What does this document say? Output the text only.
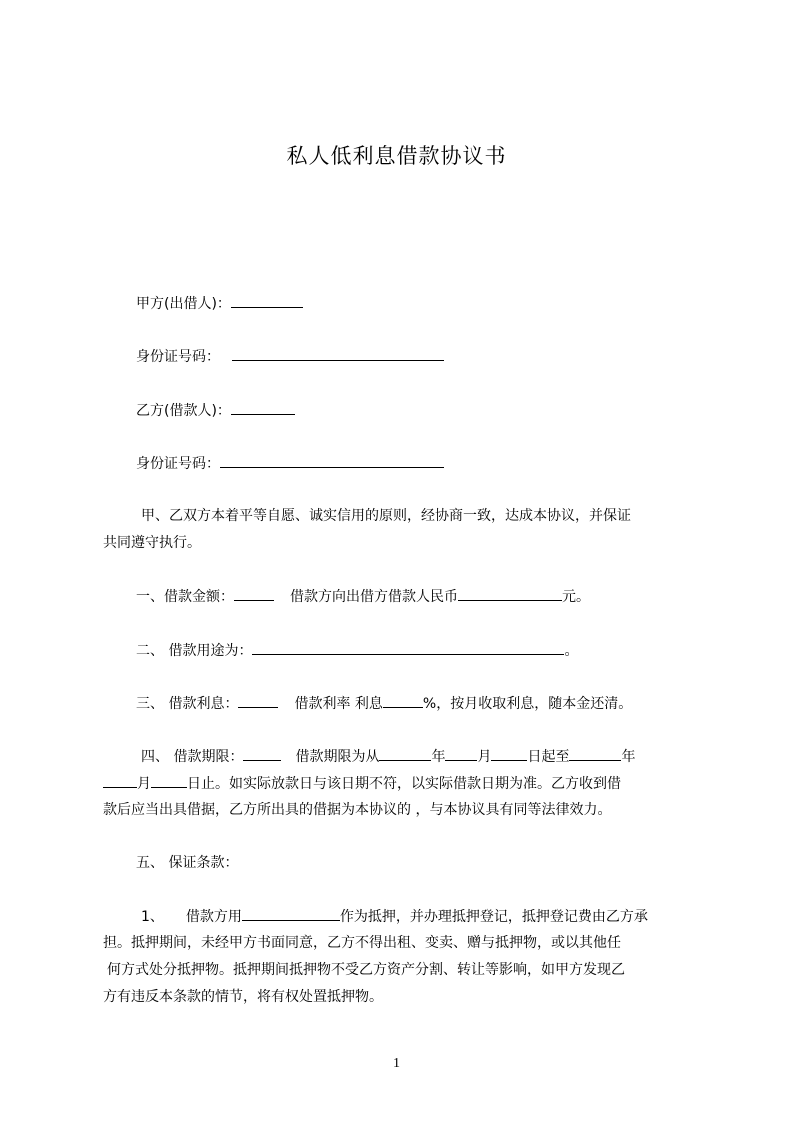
私人低利息借款协议书
甲方(出借人)：
身份证号码：
乙方(借款人)：
身份证号码：
甲、乙双方本着平等自愿、诚实信用的原则，经协商一致，达成本协议，并保证
共同遵守执行。
一、借款金额：	借款方向出借方借款人民币	元。
二、 借款用途为：	。
三、 借款利息：	借款利率 利息	%，按月收取利息，随本金还清。
四、 借款期限：	借款期限为从	年 月	日起至	年
月	日止。如实际放款日与该日期不符，以实际借款日期为准。乙方收到借
款后应当出具借据，乙方所出具的借据为本协议的 ，与本协议具有同等法律效力。
五、 保证条款：
1、 借款方用	作为抵押，并办理抵押登记，抵押登记费由乙方承
担。抵押期间，未经甲方书面同意，乙方不得出租、变卖、赠与抵押物，或以其他任
何方式处分抵押物。抵押期间抵押物不受乙方资产分割、转让等影响，如甲方发现乙
方有违反本条款的情节，将有权处置抵押物。
1
